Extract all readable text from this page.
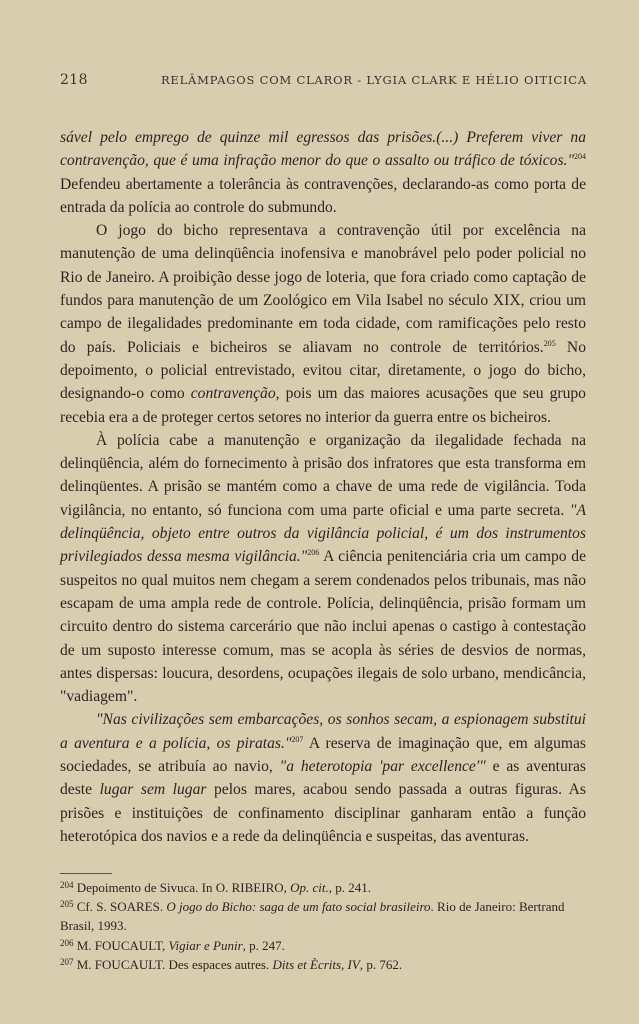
218	RELÂMPAGOS COM CLAROR - LYGIA CLARK E HÉLIO OITICICA

sável pelo emprego de quinze mil egressos das prisões.(...) Preferem viver na contravenção, que é uma infração menor do que o assalto ou tráfico de tóxicos."$^{204}$ Defendeu abertamente a tolerância às contravenções, declarando-as como porta de entrada da polícia ao controle do submundo.

O jogo do bicho representava a contravenção útil por excelência na manutenção de uma delinqüência inofensiva e manobrável pelo poder policial no Rio de Janeiro. A proibição desse jogo de loteria, que fora criado como captação de fundos para manutenção de um Zoológico em Vila Isabel no século XIX, criou um campo de ilegalidades predominante em toda cidade, com ramificações pelo resto do país. Policiais e bicheiros se aliavam no controle de territórios.$^{205}$ No depoimento, o policial entrevistado, evitou citar, diretamente, o jogo do bicho, designando-o como contravenção, pois um das maiores acusações que seu grupo recebia era a de proteger certos setores no interior da guerra entre os bicheiros.

À polícia cabe a manutenção e organização da ilegalidade fechada na delinqüência, além do fornecimento à prisão dos infratores que esta transforma em delinqüentes. A prisão se mantém como a chave de uma rede de vigilância. Toda vigilância, no entanto, só funciona com uma parte oficial e uma parte secreta. "A delinqüência, objeto entre outros da vigilância policial, é um dos instrumentos privilegiados dessa mesma vigilância."$^{206}$ A ciência penitenciária cria um campo de suspeitos no qual muitos nem chegam a serem condenados pelos tribunais, mas não escapam de uma ampla rede de controle. Polícia, delinqüência, prisão formam um circuito dentro do sistema carcerário que não inclui apenas o castigo à contestação de um suposto interesse comum, mas se acopla às séries de desvios de normas, antes dispersas: loucura, desordens, ocupações ilegais de solo urbano, mendicância, "vadiagem".

"Nas civilizações sem embarcações, os sonhos secam, a espionagem substitui a aventura e a polícia, os piratas."$^{207}$ A reserva de imaginação que, em algumas sociedades, se atribuía ao navio, "a heterotopia 'par excellence'" e as aventuras deste lugar sem lugar pelos mares, acabou sendo passada a outras figuras. As prisões e instituições de confinamento disciplinar ganharam então a função heterotópica dos navios e a rede da delinqüência e suspeitas, das aventuras.

$^{204}$ Depoimento de Sivuca. In O. RIBEIRO, Op. cit., p. 241.

$^{205}$ Cf. S. SOARES. O jogo do Bicho: saga de um fato social brasileiro. Rio de Janeiro: Bertrand Brasil, 1993.

$^{206}$ M. FOUCAULT, Vigiar e Punir, p. 247.

$^{207}$ M. FOUCAULT. Des espaces autres. Dits et Ècrits, IV, p. 762.
